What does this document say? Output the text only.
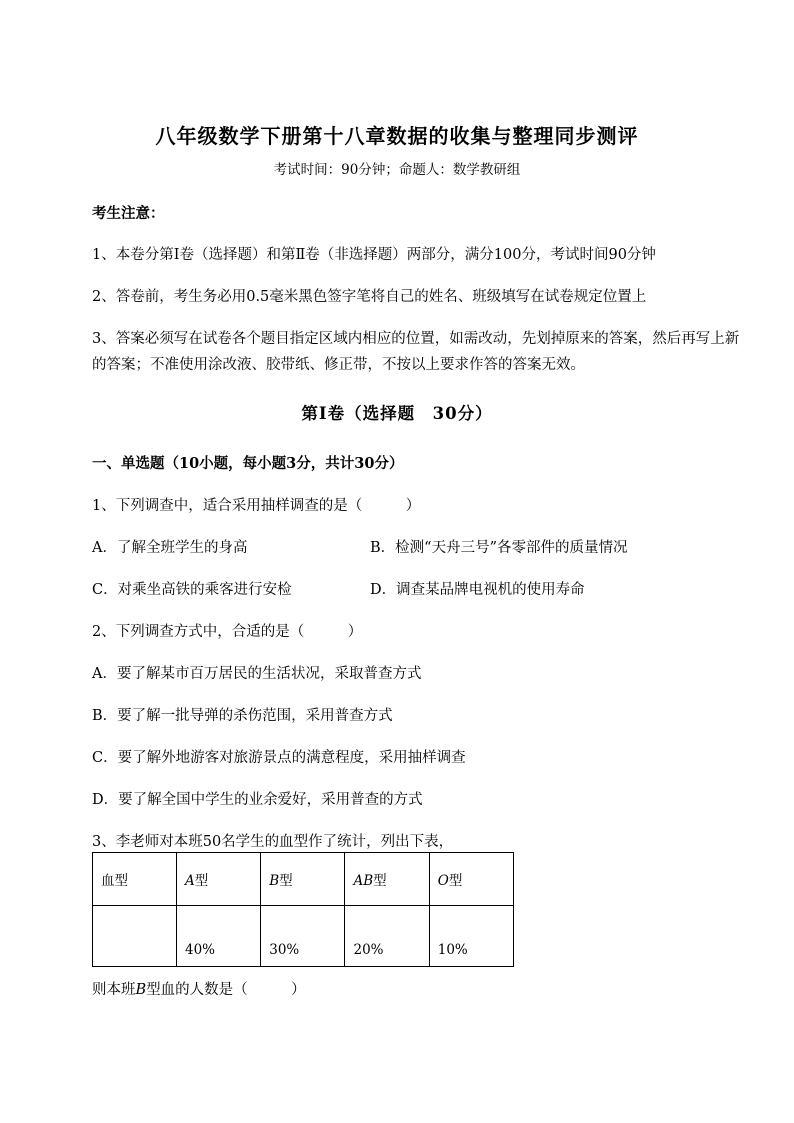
八年级数学下册第十八章数据的收集与整理同步测评
考试时间：90分钟；命题人：数学教研组
考生注意：
1、本卷分第I卷（选择题）和第Ⅱ卷（非选择题）两部分，满分100分，考试时间90分钟
2、答卷前，考生务必用0.5毫米黑色签字笔将自己的姓名、班级填写在试卷规定位置上
3、答案必须写在试卷各个题目指定区域内相应的位置，如需改动，先划掉原来的答案，然后再写上新
的答案；不准使用涂改液、胶带纸、修正带，不按以上要求作答的答案无效。
第I卷（选择题　30分）
一、单选题（10小题，每小题3分，共计30分）
1、下列调查中，适合采用抽样调查的是（　　　）
A．了解全班学生的身高	B．检测“天舟三号”各零部件的质量情况
C．对乘坐高铁的乘客进行安检	D．调查某品牌电视机的使用寿命
2、下列调查方式中，合适的是（　　　）
A．要了解某市百万居民的生活状况，采取普查方式
B．要了解一批导弹的杀伤范围，采用普查方式
C．要了解外地游客对旅游景点的满意程度，采用抽样调查
D．要了解全国中学生的业余爱好，采用普查的方式
3、李老师对本班50名学生的血型作了统计，列出下表，
血型	A型	B型	AB型	O型
	40%	30%	20%	10%
则本班B型血的人数是（　　　）
